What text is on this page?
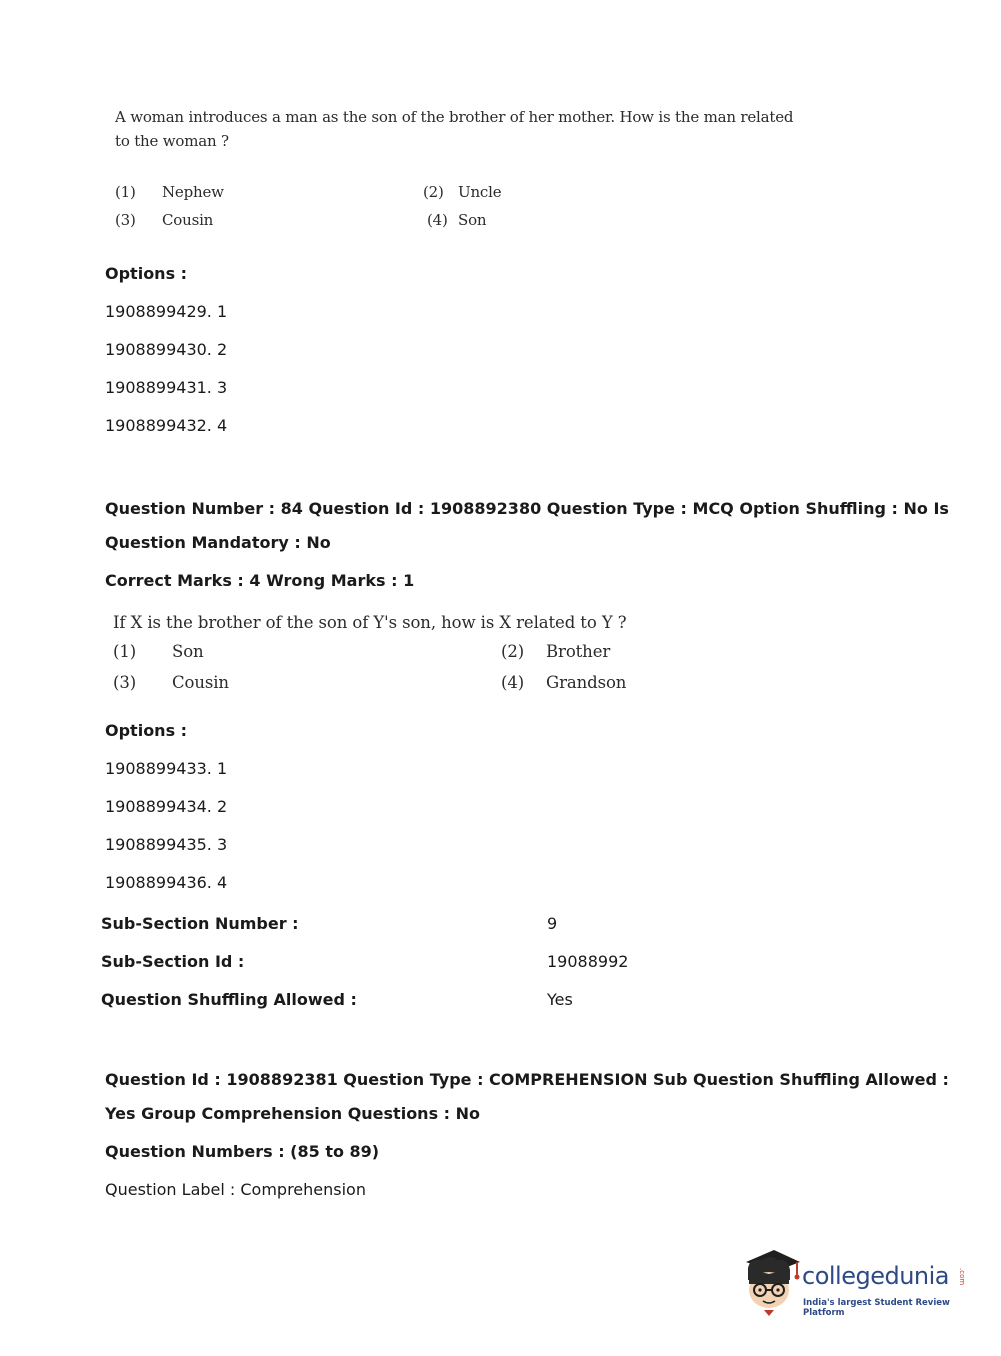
A woman introduces a man as the son of the brother of her mother. How is the man related
to the woman ?
(1) Nephew	(2) Uncle
(3) Cousin	(4) Son
Options :
1908899429. 1
1908899430. 2
1908899431. 3
1908899432. 4
Question Number : 84 Question Id : 1908892380 Question Type : MCQ Option Shuffling : No Is
Question Mandatory : No
Correct Marks : 4 Wrong Marks : 1
If X is the brother of the son of Y's son, how is X related to Y ?
(1) Son	(2) Brother
(3) Cousin	(4) Grandson
Options :
1908899433. 1
1908899434. 2
1908899435. 3
1908899436. 4
Sub-Section Number :	9
Sub-Section Id :	19088992
Question Shuffling Allowed :	Yes
Question Id : 1908892381 Question Type : COMPREHENSION Sub Question Shuffling Allowed :
Yes Group Comprehension Questions : No
Question Numbers : (85 to 89)
Question Label : Comprehension
collegedunia .com
India's largest Student Review Platform
